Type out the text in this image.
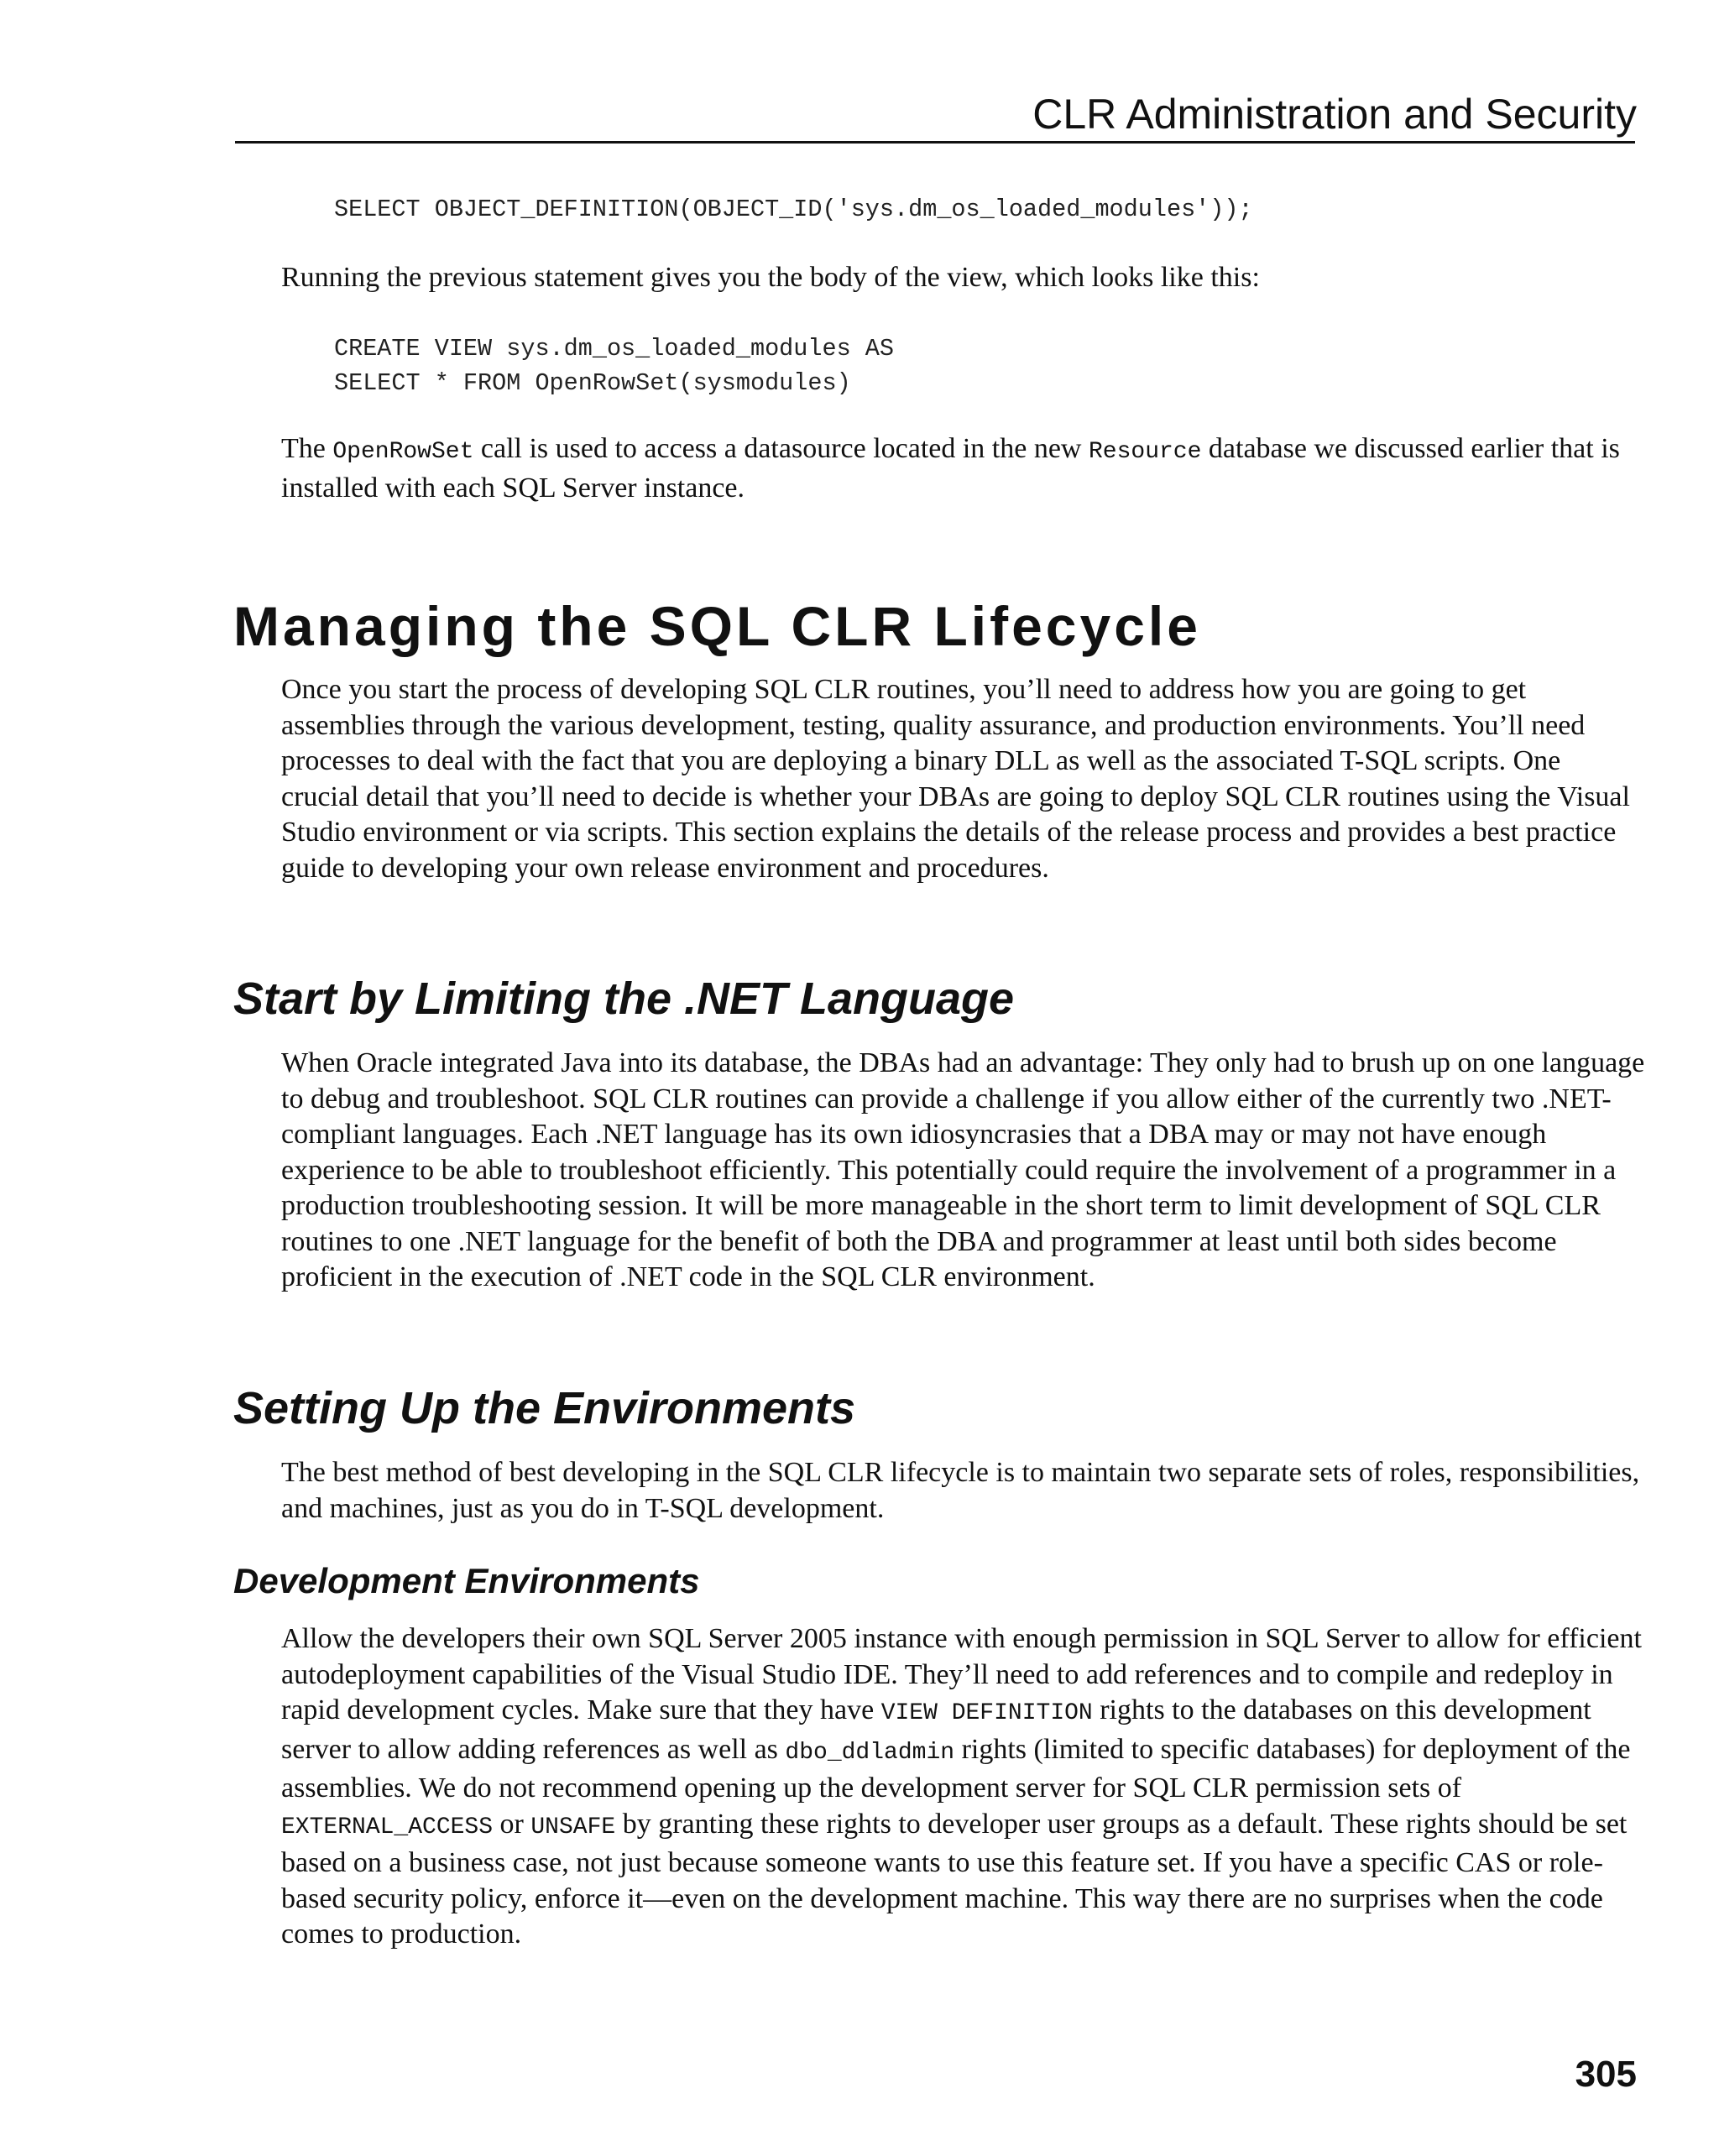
CLR Administration and Security
SELECT OBJECT_DEFINITION(OBJECT_ID('sys.dm_os_loaded_modules'));

Running the previous statement gives you the body of the view, which looks like this:

CREATE VIEW sys.dm_os_loaded_modules AS
SELECT * FROM OpenRowSet(sysmodules)

The OpenRowSet call is used to access a datasource located in the new Resource database we discussed earlier that is installed with each SQL Server instance.

Managing the SQL CLR Lifecycle

Once you start the process of developing SQL CLR routines, you’ll need to address how you are going to get assemblies through the various development, testing, quality assurance, and production environments. You’ll need processes to deal with the fact that you are deploying a binary DLL as well as the associated T-SQL scripts. One crucial detail that you’ll need to decide is whether your DBAs are going to deploy SQL CLR routines using the Visual Studio environment or via scripts. This section explains the details of the release process and provides a best practice guide to developing your own release environment and procedures.

Start by Limiting the .NET Language

When Oracle integrated Java into its database, the DBAs had an advantage: They only had to brush up on one language to debug and troubleshoot. SQL CLR routines can provide a challenge if you allow either of the currently two .NET-compliant languages. Each .NET language has its own idiosyncrasies that a DBA may or may not have enough experience to be able to troubleshoot efficiently. This potentially could require the involvement of a programmer in a production troubleshooting session. It will be more manageable in the short term to limit development of SQL CLR routines to one .NET language for the benefit of both the DBA and programmer at least until both sides become proficient in the execution of .NET code in the SQL CLR environment.

Setting Up the Environments

The best method of best developing in the SQL CLR lifecycle is to maintain two separate sets of roles, responsibilities, and machines, just as you do in T-SQL development.

Development Environments

Allow the developers their own SQL Server 2005 instance with enough permission in SQL Server to allow for efficient autodeployment capabilities of the Visual Studio IDE. They’ll need to add references and to compile and redeploy in rapid development cycles. Make sure that they have VIEW DEFINITION rights to the databases on this development server to allow adding references as well as dbo_ddladmin rights (limited to specific databases) for deployment of the assemblies. We do not recommend opening up the development server for SQL CLR permission sets of EXTERNAL_ACCESS or UNSAFE by granting these rights to developer user groups as a default. These rights should be set based on a business case, not just because someone wants to use this feature set. If you have a specific CAS or role-based security policy, enforce it—even on the development machine. This way there are no surprises when the code comes to production.

305
